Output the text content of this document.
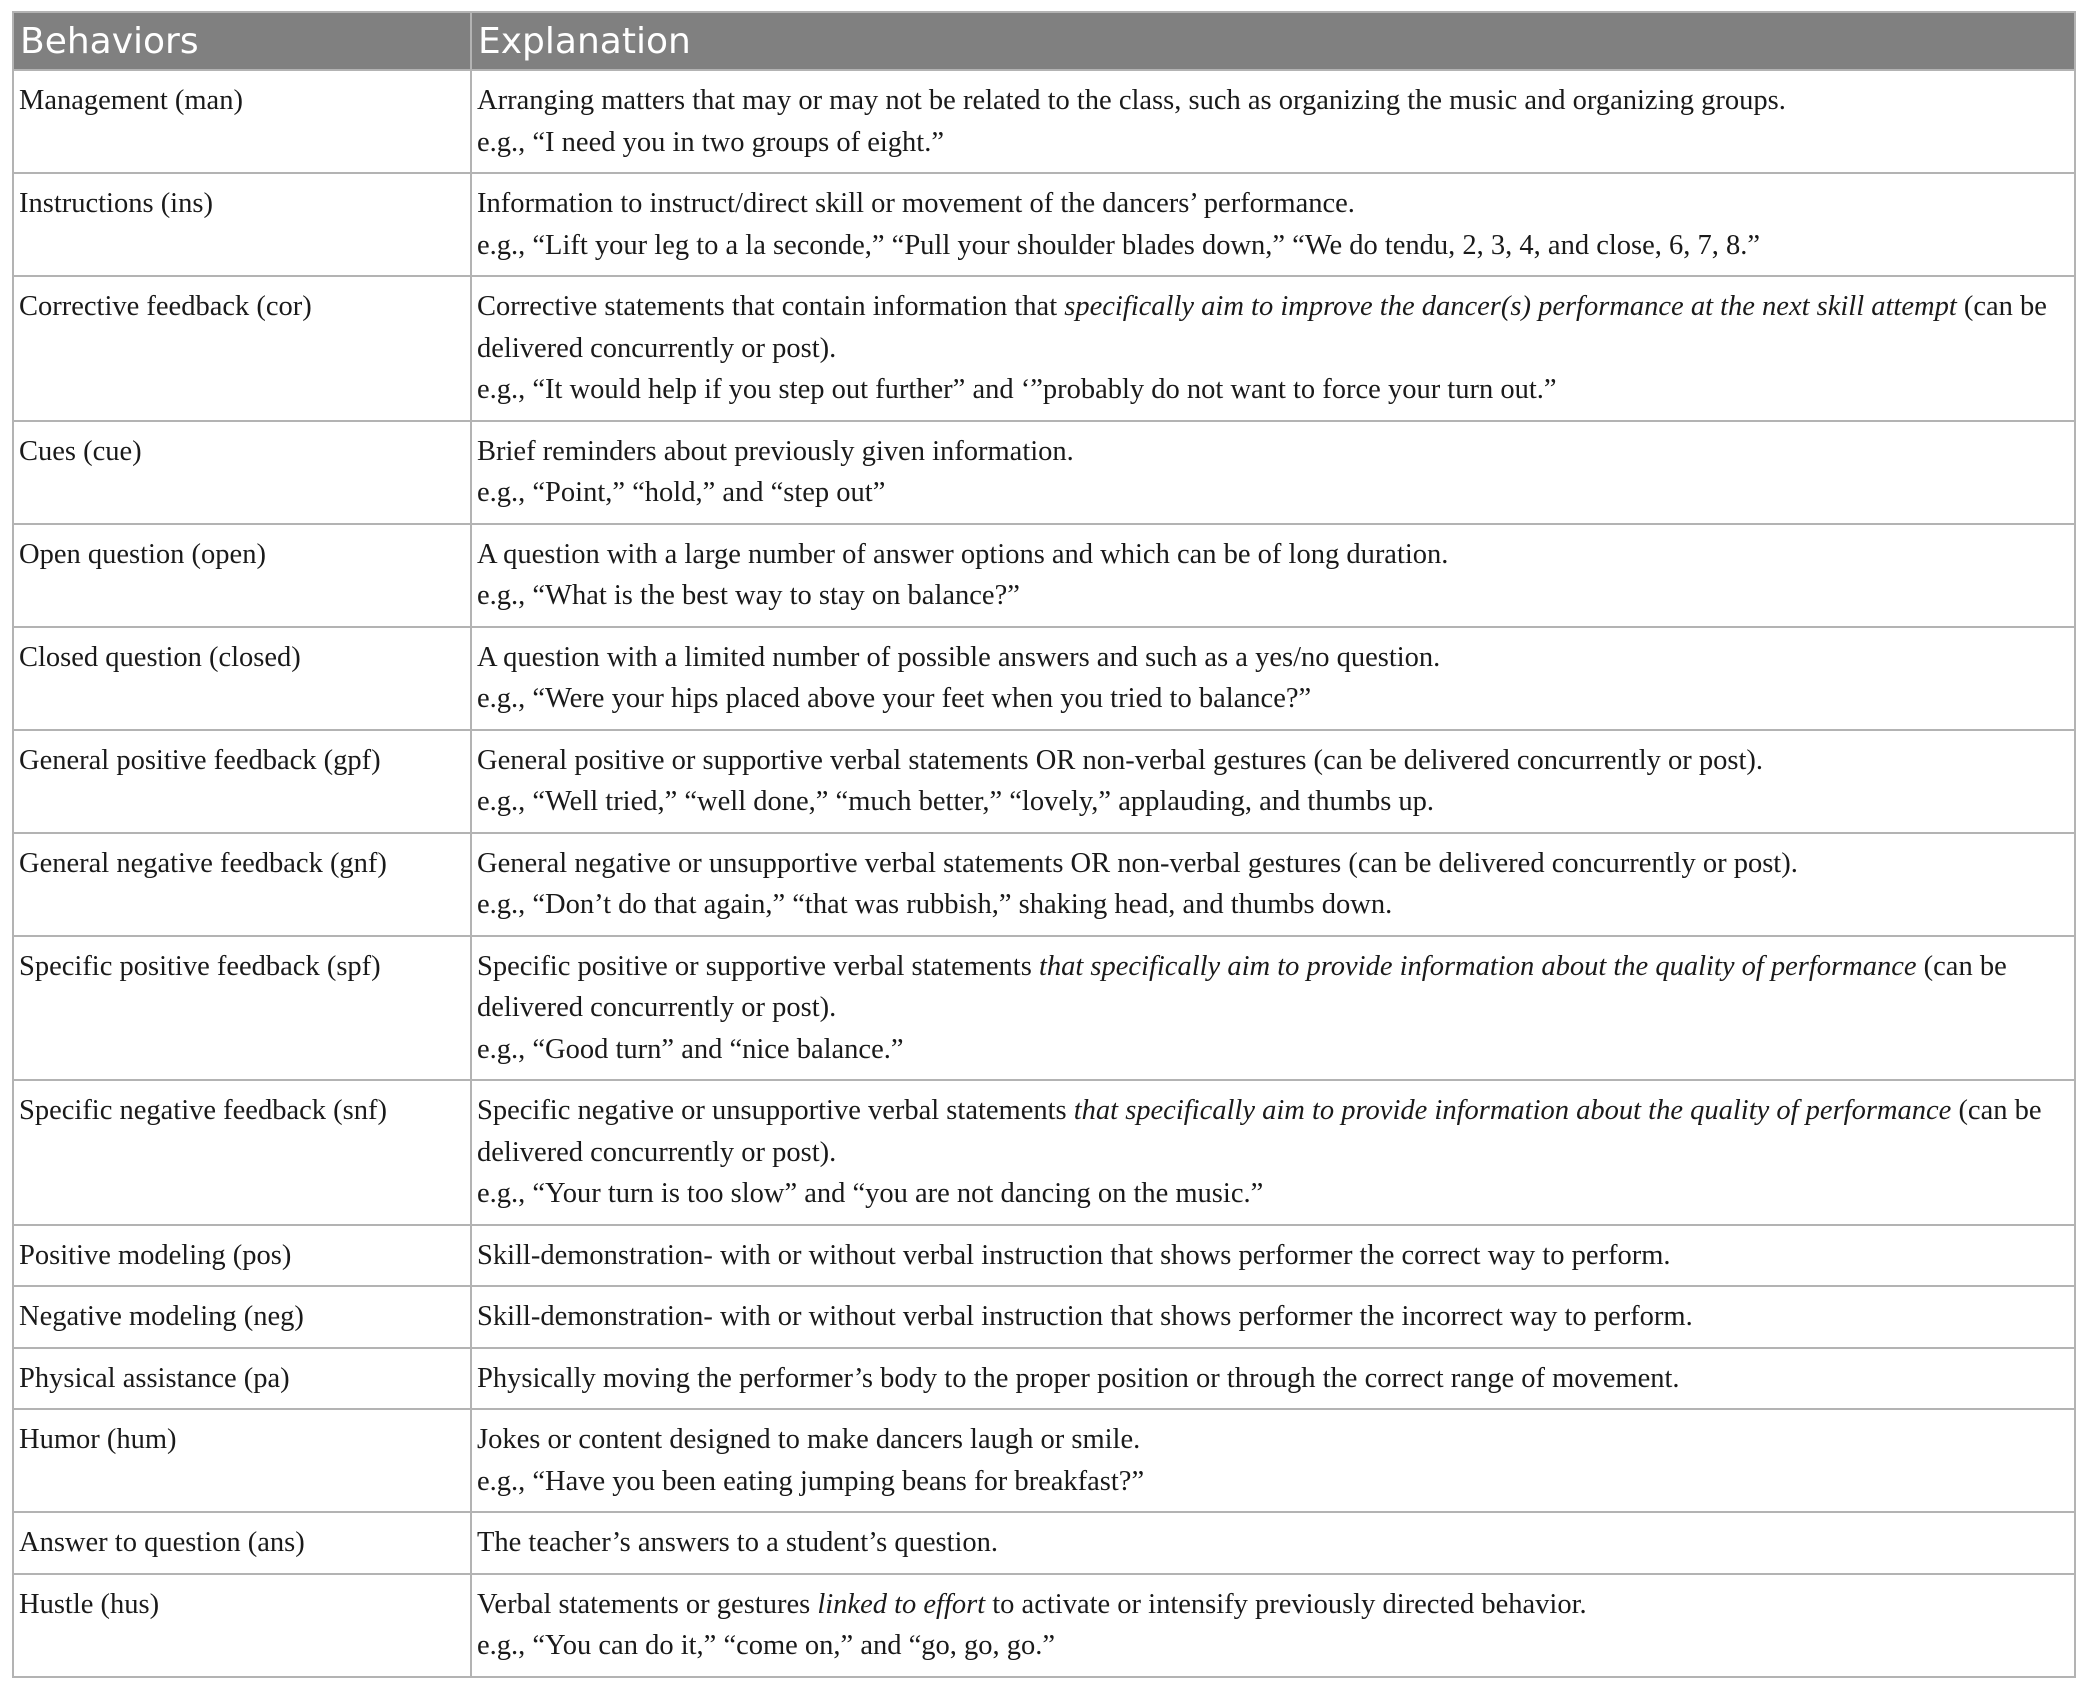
Behaviors	Explanation
Management (man)	Arranging matters that may or may not be related to the class, such as organizing the music and organizing groups.
e.g., “I need you in two groups of eight.”

Instructions (ins)	Information to instruct/direct skill or movement of the dancers’ performance.
e.g., “Lift your leg to a la seconde,” “Pull your shoulder blades down,” “We do tendu, 2, 3, 4, and close, 6, 7, 8.”

Corrective feedback (cor)	Corrective statements that contain information that specifically aim to improve the dancer(s) performance at the next skill attempt (can be delivered concurrently or post).
e.g., “It would help if you step out further” and ‘”probably do not want to force your turn out.”

Cues (cue)	Brief reminders about previously given information.
e.g., “Point,” “hold,” and “step out”

Open question (open)	A question with a large number of answer options and which can be of long duration.
e.g., “What is the best way to stay on balance?”

Closed question (closed)	A question with a limited number of possible answers and such as a yes/no question.
e.g., “Were your hips placed above your feet when you tried to balance?”

General positive feedback (gpf)	General positive or supportive verbal statements OR non-verbal gestures (can be delivered concurrently or post).
e.g., “Well tried,” “well done,” “much better,” “lovely,” applauding, and thumbs up.

General negative feedback (gnf)	General negative or unsupportive verbal statements OR non-verbal gestures (can be delivered concurrently or post).
e.g., “Don’t do that again,” “that was rubbish,” shaking head, and thumbs down.

Specific positive feedback (spf)	Specific positive or supportive verbal statements that specifically aim to provide information about the quality of performance (can be delivered concurrently or post).
e.g., “Good turn” and “nice balance.”

Specific negative feedback (snf)	Specific negative or unsupportive verbal statements that specifically aim to provide information about the quality of performance (can be delivered concurrently or post).
e.g., “Your turn is too slow” and “you are not dancing on the music.”

Positive modeling (pos)	Skill-demonstration- with or without verbal instruction that shows performer the correct way to perform.

Negative modeling (neg)	Skill-demonstration- with or without verbal instruction that shows performer the incorrect way to perform.

Physical assistance (pa)	Physically moving the performer’s body to the proper position or through the correct range of movement.

Humor (hum)	Jokes or content designed to make dancers laugh or smile.
e.g., “Have you been eating jumping beans for breakfast?”

Answer to question (ans)	The teacher’s answers to a student’s question.

Hustle (hus)	Verbal statements or gestures linked to effort to activate or intensify previously directed behavior.
e.g., “You can do it,” “come on,” and “go, go, go.”
